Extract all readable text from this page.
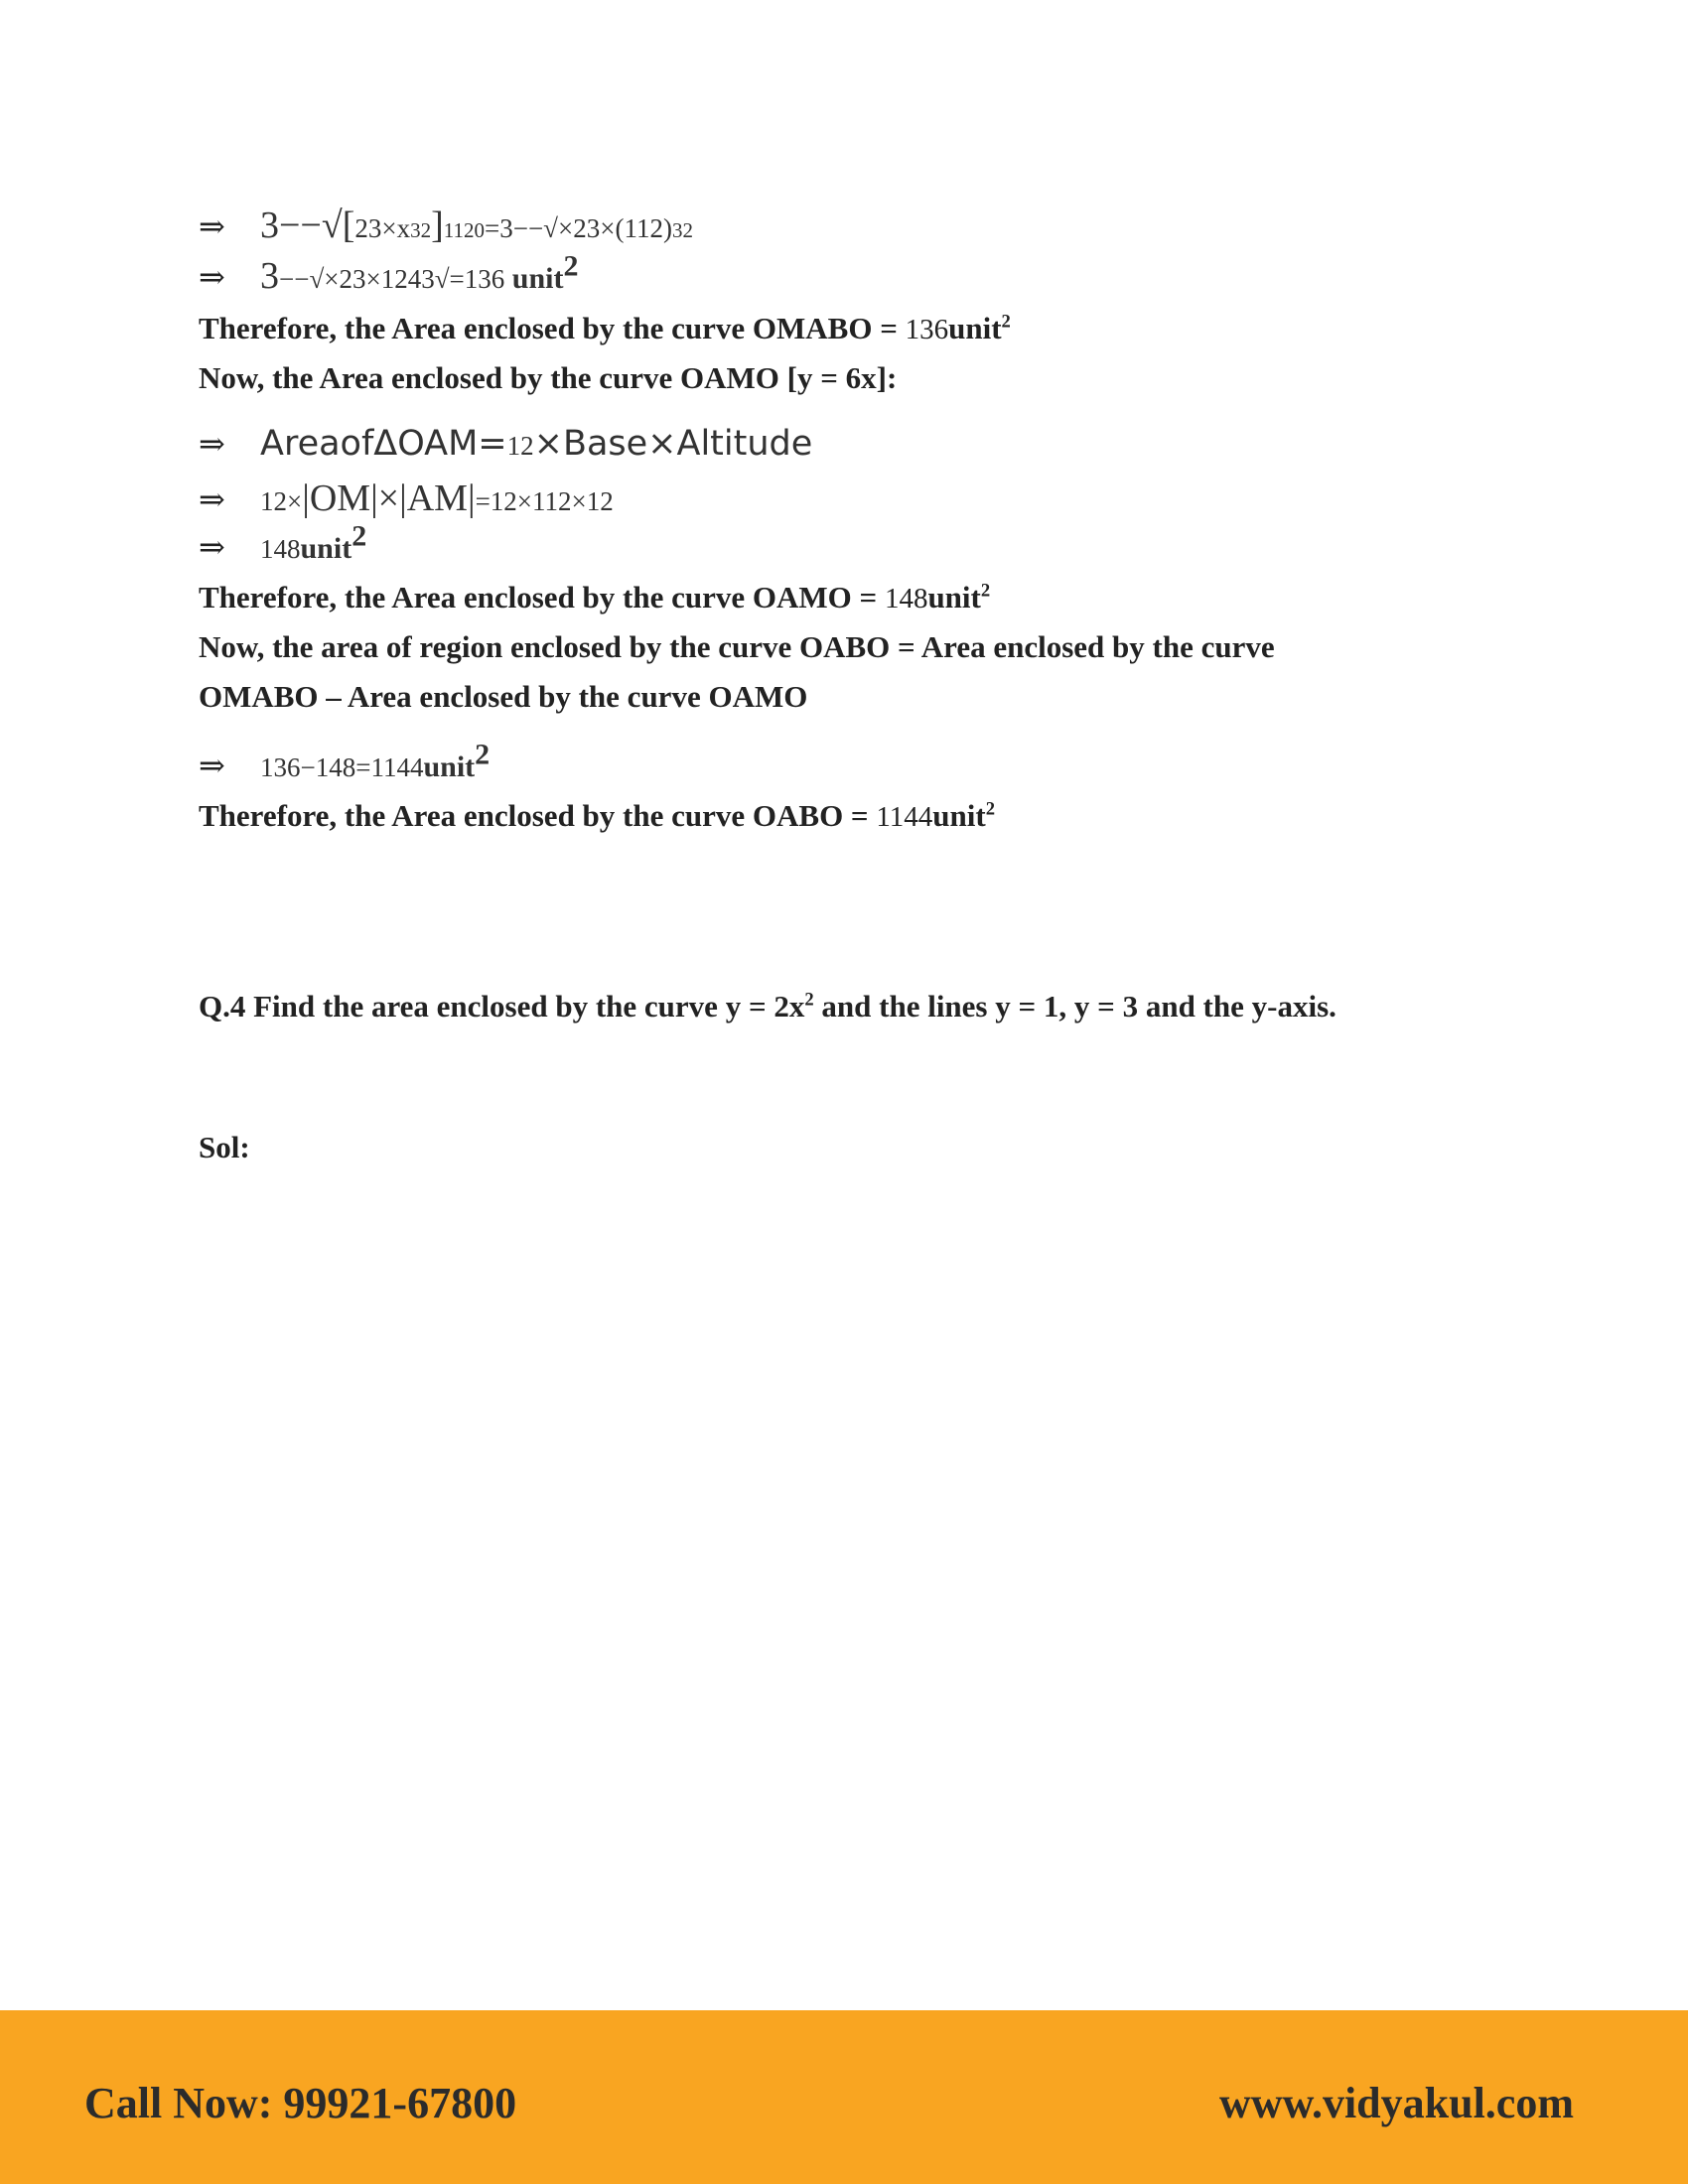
⇒ 3−−√[23×x32]1120=3−−√×23×(112)32
⇒ 3−−√×23×1243√=136 unit$^2$
Therefore, the Area enclosed by the curve OMABO = 136unit$^2$
Now, the Area enclosed by the curve OAMO [y = 6x]:
⇒ AreaofΔOAM=12×Base×Altitude
⇒ 12×|OM|×|AM|=12×112×12
⇒ 148unit$^2$
Therefore, the Area enclosed by the curve OAMO = 148unit$^2$
Now, the area of region enclosed by the curve OABO = Area enclosed by the curve
OMABO – Area enclosed by the curve OAMO
⇒ 136−148=1144unit$^2$
Therefore, the Area enclosed by the curve OABO = 1144unit$^2$
Q.4 Find the area enclosed by the curve $y = 2x^2$ and the lines y = 1, y = 3 and the y-axis.
Sol:
Call Now: 99921-67800	www.vidyakul.com
